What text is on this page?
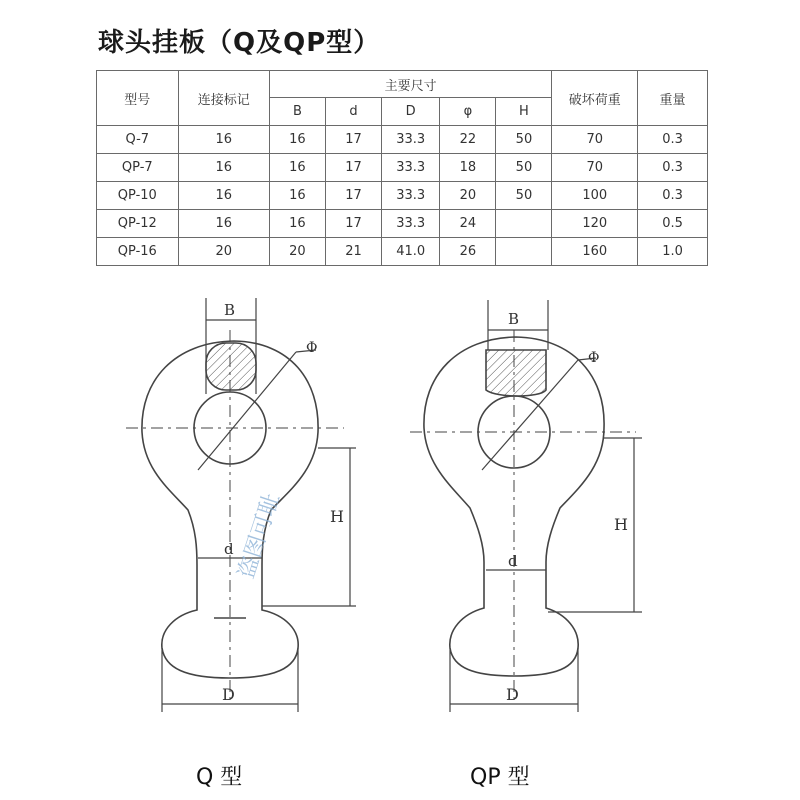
球头挂板（Q及QP型）
型号	连接标记	主要尺寸					破坏荷重	重量
		B	d	D	φ	H		
Q-7	16	16	17	33.3	22	50	70	0.3
QP-7	16	16	17	33.3	18	50	70	0.3
QP-10	16	16	17	33.3	20	50	100	0.3
QP-12	16	16	17	33.3	24		120	0.5
QP-16	20	20	21	41.0	26		160	1.0
B
Φ
H
d
D
盗图可耻
B
Φ
H
d
D
Q 型	QP 型
